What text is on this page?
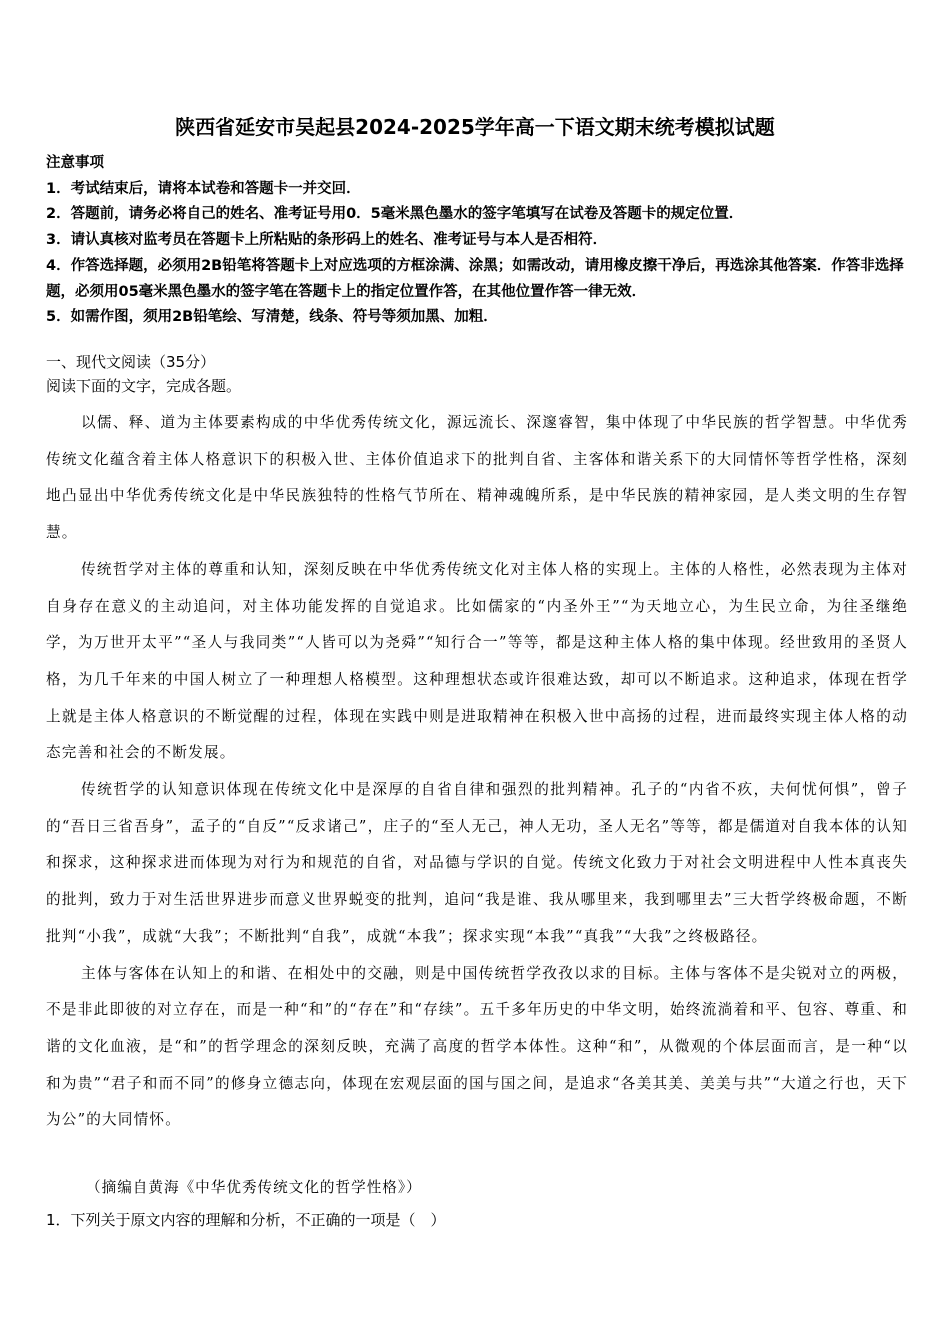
陕西省延安市吴起县2024-2025学年高一下语文期末统考模拟试题
注意事项
1．考试结束后，请将本试卷和答题卡一并交回．
2．答题前，请务必将自己的姓名、准考证号用0．5毫米黑色墨水的签字笔填写在试卷及答题卡的规定位置．
3．请认真核对监考员在答题卡上所粘贴的条形码上的姓名、准考证号与本人是否相符．
4．作答选择题，必须用2B铅笔将答题卡上对应选项的方框涂满、涂黑；如需改动，请用橡皮擦干净后，再选涂其他答案．作答非选择题，必须用05毫米黑色墨水的签字笔在答题卡上的指定位置作答，在其他位置作答一律无效．
5．如需作图，须用2B铅笔绘、写清楚，线条、符号等须加黑、加粗．
一、现代文阅读（35分）
阅读下面的文字，完成各题。

以儒、释、道为主体要素构成的中华优秀传统文化，源远流长、深邃睿智，集中体现了中华民族的哲学智慧。中华优秀传统文化蕴含着主体人格意识下的积极入世、主体价值追求下的批判自省、主客体和谐关系下的大同情怀等哲学性格，深刻地凸显出中华优秀传统文化是中华民族独特的性格气节所在、精神魂魄所系，是中华民族的精神家园，是人类文明的生存智慧。

传统哲学对主体的尊重和认知，深刻反映在中华优秀传统文化对主体人格的实现上。主体的人格性，必然表现为主体对自身存在意义的主动追问，对主体功能发挥的自觉追求。比如儒家的“内圣外王”“为天地立心，为生民立命，为往圣继绝学，为万世开太平”“圣人与我同类”“人皆可以为尧舜”“知行合一”等等，都是这种主体人格的集中体现。经世致用的圣贤人格，为几千年来的中国人树立了一种理想人格模型。这种理想状态或许很难达致，却可以不断追求。这种追求，体现在哲学上就是主体人格意识的不断觉醒的过程，体现在实践中则是进取精神在积极入世中高扬的过程，进而最终实现主体人格的动态完善和社会的不断发展。

传统哲学的认知意识体现在传统文化中是深厚的自省自律和强烈的批判精神。孔子的“内省不疚，夫何忧何惧”，曾子的“吾日三省吾身”，孟子的“自反”“反求诸己”，庄子的“至人无己，神人无功，圣人无名”等等，都是儒道对自我本体的认知和探求，这种探求进而体现为对行为和规范的自省，对品德与学识的自觉。传统文化致力于对社会文明进程中人性本真丧失的批判，致力于对生活世界进步而意义世界蜕变的批判，追问“我是谁、我从哪里来，我到哪里去”三大哲学终极命题，不断批判“小我”，成就“大我”；不断批判“自我”，成就“本我”；探求实现“本我”“真我”“大我”之终极路径。

主体与客体在认知上的和谐、在相处中的交融，则是中国传统哲学孜孜以求的目标。主体与客体不是尖锐对立的两极，不是非此即彼的对立存在，而是一种“和”的“存在”和“存续”。五千多年历史的中华文明，始终流淌着和平、包容、尊重、和谐的文化血液，是“和”的哲学理念的深刻反映，充满了高度的哲学本体性。这种“和”，从微观的个体层面而言，是一种“以和为贵”“君子和而不同”的修身立德志向，体现在宏观层面的国与国之间，是追求“各美其美、美美与共”“大道之行也，天下为公”的大同情怀。

（摘编自黄海《中华优秀传统文化的哲学性格》）
1．下列关于原文内容的理解和分析，不正确的一项是（　）
